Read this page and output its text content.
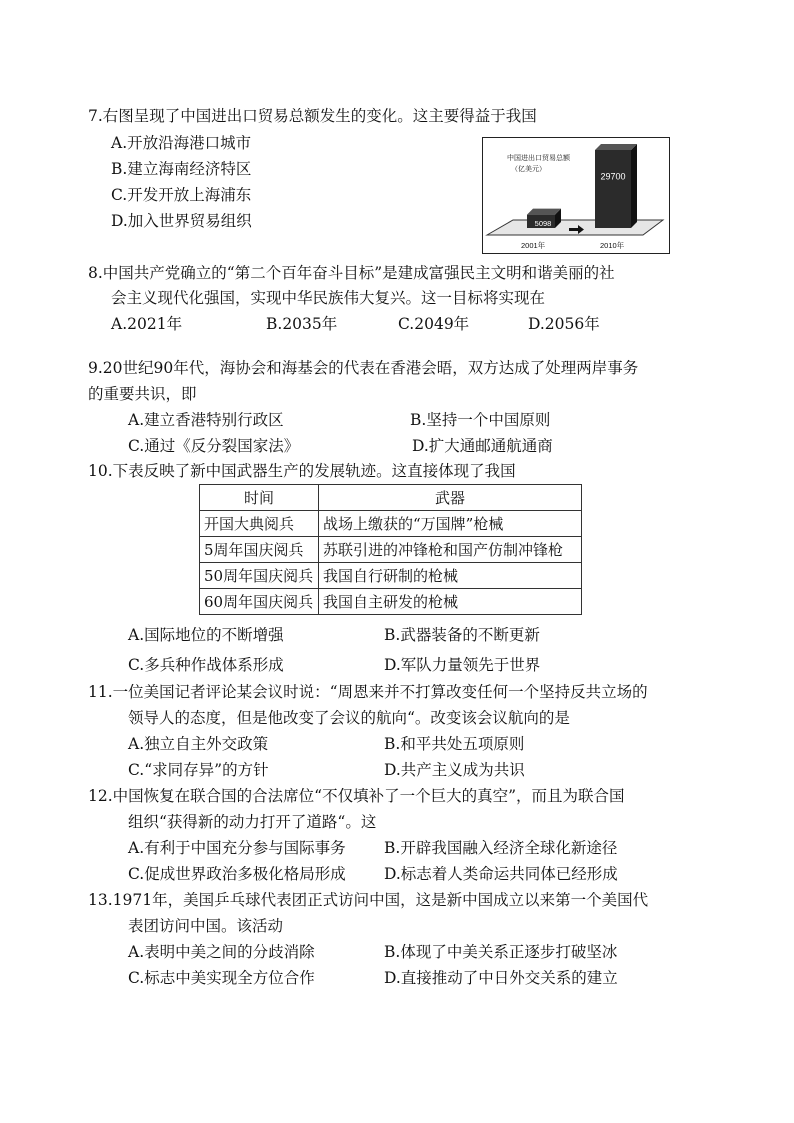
7.右图呈现了中国进出口贸易总额发生的变化。这主要得益于我国
A.开放沿海港口城市
B.建立海南经济特区
C.开发开放上海浦东
D.加入世界贸易组织
中国进出口贸易总额
（亿美元）
5098
29700
2001年	2010年
8.中国共产党确立的“第二个百年奋斗目标”是建成富强民主文明和谐美丽的社
会主义现代化强国，实现中华民族伟大复兴。这一目标将实现在
A.2021年	B.2035年	C.2049年	D.2056年
9.20世纪90年代，海协会和海基会的代表在香港会晤，双方达成了处理两岸事务
的重要共识，即
A.建立香港特别行政区	B.坚持一个中国原则
C.通过《反分裂国家法》	D.扩大通邮通航通商
10.下表反映了新中国武器生产的发展轨迹。这直接体现了我国
时间	武器
开国大典阅兵	战场上缴获的“万国牌”枪械
5周年国庆阅兵	苏联引进的冲锋枪和国产仿制冲锋枪
50周年国庆阅兵	我国自行研制的枪械
60周年国庆阅兵	我国自主研发的枪械
A.国际地位的不断增强	B.武器装备的不断更新
C.多兵种作战体系形成	D.军队力量领先于世界
11.一位美国记者评论某会议时说：“周恩来并不打算改变任何一个坚持反共立场的
领导人的态度，但是他改变了会议的航向“。改变该会议航向的是
A.独立自主外交政策	B.和平共处五项原则
C.“求同存异”的方针	D.共产主义成为共识
12.中国恢复在联合国的合法席位“不仅填补了一个巨大的真空”，而且为联合国
组织“获得新的动力打开了道路“。这
A.有利于中国充分参与国际事务 B.开辟我国融入经济全球化新途径
C.促成世界政治多极化格局形成 D.标志着人类命运共同体已经形成
13.1971年，美国乒乓球代表团正式访问中国，这是新中国成立以来第一个美国代
表团访问中国。该活动
A.表明中美之间的分歧消除	B.体现了中美关系正逐步打破坚冰
C.标志中美实现全方位合作	D.直接推动了中日外交关系的建立
